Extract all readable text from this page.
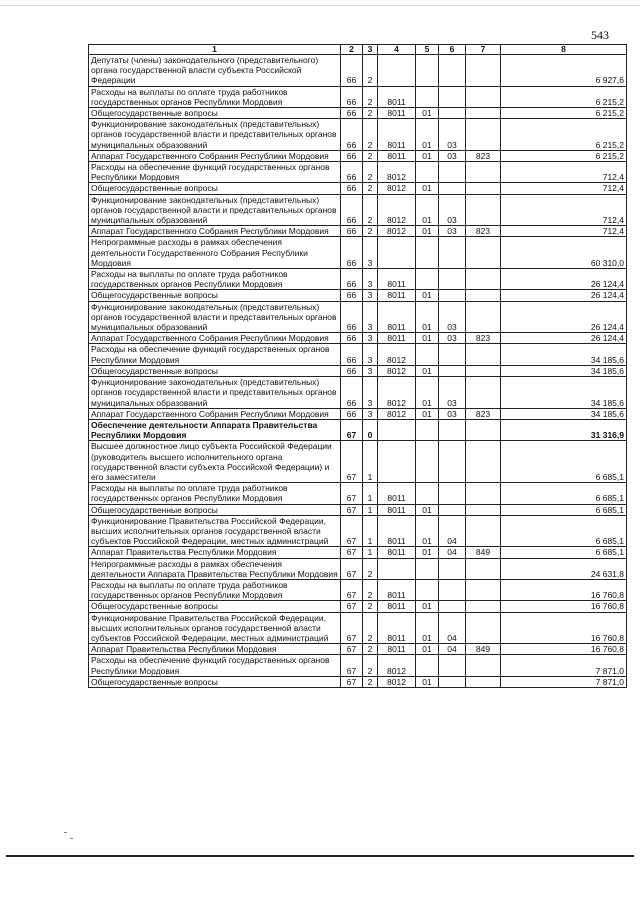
543
1	2	3	4	5	6	7	8
Депутаты (члены) законодательного (представительного) органа государственной власти субъекта Российской Федерации	66	2					6 927,6
Расходы на выплаты по оплате труда работников государственных органов Республики Мордовия	66	2	8011				6 215,2
Общегосударственные вопросы	66	2	8011	01			6 215,2
Функционирование законодательных (представительных) органов государственной власти и представительных органов муниципальных образований	66	2	8011	01	03		6 215,2
Аппарат Государственного Собрания Республики Мордовия	66	2	8011	01	03	823	6 215,2
Расходы на обеспечение функций государственных органов Республики Мордовия	66	2	8012				712,4
Общегосударственные вопросы	66	2	8012	01			712,4
Функционирование законодательных (представительных) органов государственной власти и представительных органов муниципальных образований	66	2	8012	01	03		712,4
Аппарат Государственного Собрания Республики Мордовия	66	2	8012	01	03	823	712,4
Непрограммные расходы в рамках обеспечения деятельности Государственного Собрания Республики Мордовия	66	3					60 310,0
Расходы на выплаты по оплате труда работников государственных органов Республики Мордовия	66	3	8011				26 124,4
Общегосударственные вопросы	66	3	8011	01			26 124,4
Функционирование законодательных (представительных) органов государственной власти и представительных органов муниципальных образований	66	3	8011	01	03		26 124,4
Аппарат Государственного Собрания Республики Мордовия	66	3	8011	01	03	823	26 124,4
Расходы на обеспечение функций государственных органов Республики Мордовия	66	3	8012				34 185,6
Общегосударственные вопросы	66	3	8012	01			34 185,6
Функционирование законодательных (представительных) органов государственной власти и представительных органов муниципальных образований	66	3	8012	01	03		34 185,6
Аппарат Государственного Собрания Республики Мордовия	66	3	8012	01	03	823	34 185,6
Обеспечение деятельности Аппарата Правительства Республики Мордовия	67	0					31 316,9
Высшее должностное лицо субъекта Российской Федерации (руководитель высшего исполнительного органа государственной власти субъекта Российской Федерации) и его заместители	67	1					6 685,1
Расходы на выплаты по оплате труда работников государственных органов Республики Мордовия	67	1	8011				6 685,1
Общегосударственные вопросы	67	1	8011	01			6 685,1
Функционирование Правительства Российской Федерации, высших исполнительных органов государственной власти субъектов Российской Федерации, местных администраций	67	1	8011	01	04		6 685,1
Аппарат Правительства Республики Мордовия	67	1	8011	01	04	849	6 685,1
Непрограммные расходы в рамках обеспечения деятельности Аппарата Правительства Республики Мордовия	67	2					24 631,8
Расходы на выплаты по оплате труда работников государственных органов Республики Мордовия	67	2	8011				16 760,8
Общегосударственные вопросы	67	2	8011	01			16 760,8
Функционирование Правительства Российской Федерации, высших исполнительных органов государственной власти субъектов Российской Федерации, местных администраций	67	2	8011	01	04		16 760,8
Аппарат Правительства Республики Мордовия	67	2	8011	01	04	849	16 760,8
Расходы на обеспечение функций государственных органов Республики Мордовия	67	2	8012				7 871,0
Общегосударственные вопросы	67	2	8012	01			7 871,0
